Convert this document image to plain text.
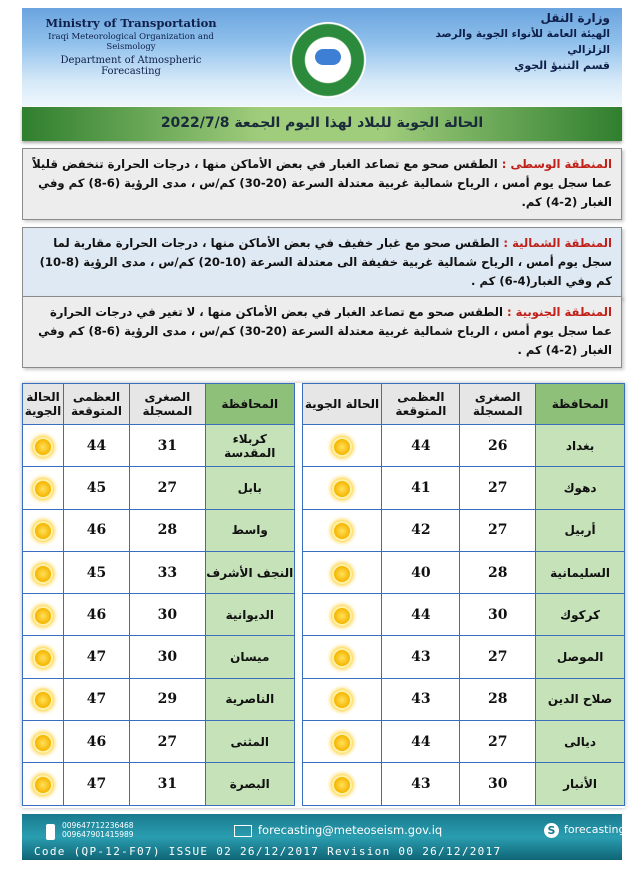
Ministry of Transportation
Iraqi Meteorological Organization and Seismology
Department of Atmospheric Forecasting
وزارة النقل
الهيئة العامة للأنواء الجوية والرصد الزلزالي
قسم التنبؤ الجوي
الحالة الجوية للبلاد لهذا اليوم الجمعة 2022/7/8

المنطقة الوسطى : الطقس صحو مع تصاعد الغبار في بعض الأماكن منها ، درجات الحرارة تنخفض قليلاً عما سجل يوم أمس ، الرياح شمالية غربية معتدلة السرعة (20-30) كم/س ، مدى الرؤية (6-8) كم وفي الغبار (2-4) كم.

المنطقة الشمالية : الطقس صحو مع غبار خفيف في بعض الأماكن منها ، درجات الحرارة مقاربة لما سجل يوم أمس ، الرياح شمالية غربية خفيفة الى معتدلة السرعة (10-20) كم/س ، مدى الرؤية (8-10) كم وفي الغبار(4-6) كم .

المنطقة الجنوبية : الطقس صحو مع تصاعد الغبار في بعض الأماكن منها ، لا تغير في درجات الحرارة عما سجل يوم أمس ، الرياح شمالية غربية معتدلة السرعة (20-30) كم/س ، مدى الرؤية (6-8) كم وفي الغبار (2-4) كم .

المحافظة	الصغرى المسجلة	العظمى المتوقعة	الحالة الجوية		المحافظة	الصغرى المسجلة	العظمى المتوقعة	الحالة الجوية
بغداد	26	44			كربلاء المقدسة	31	44	
دهوك	27	41			بابل	27	45	
أربيل	27	42			واسط	28	46	
السليمانية	28	40			النجف الأشرف	33	45	
كركوك	30	44			الديوانية	30	46	
الموصل	27	43			ميسان	30	47	
صلاح الدين	28	43			الناصرية	29	47	
ديالى	27	44			المثنى	27	46	
الأنبار	30	43			البصرة	31	47	
009647712236468
009647901415989	forecasting@meteoseism.gov.iq	S forecasting
Code (QP-12-F07) ISSUE 02 26/12/2017 Revision 00 26/12/2017
